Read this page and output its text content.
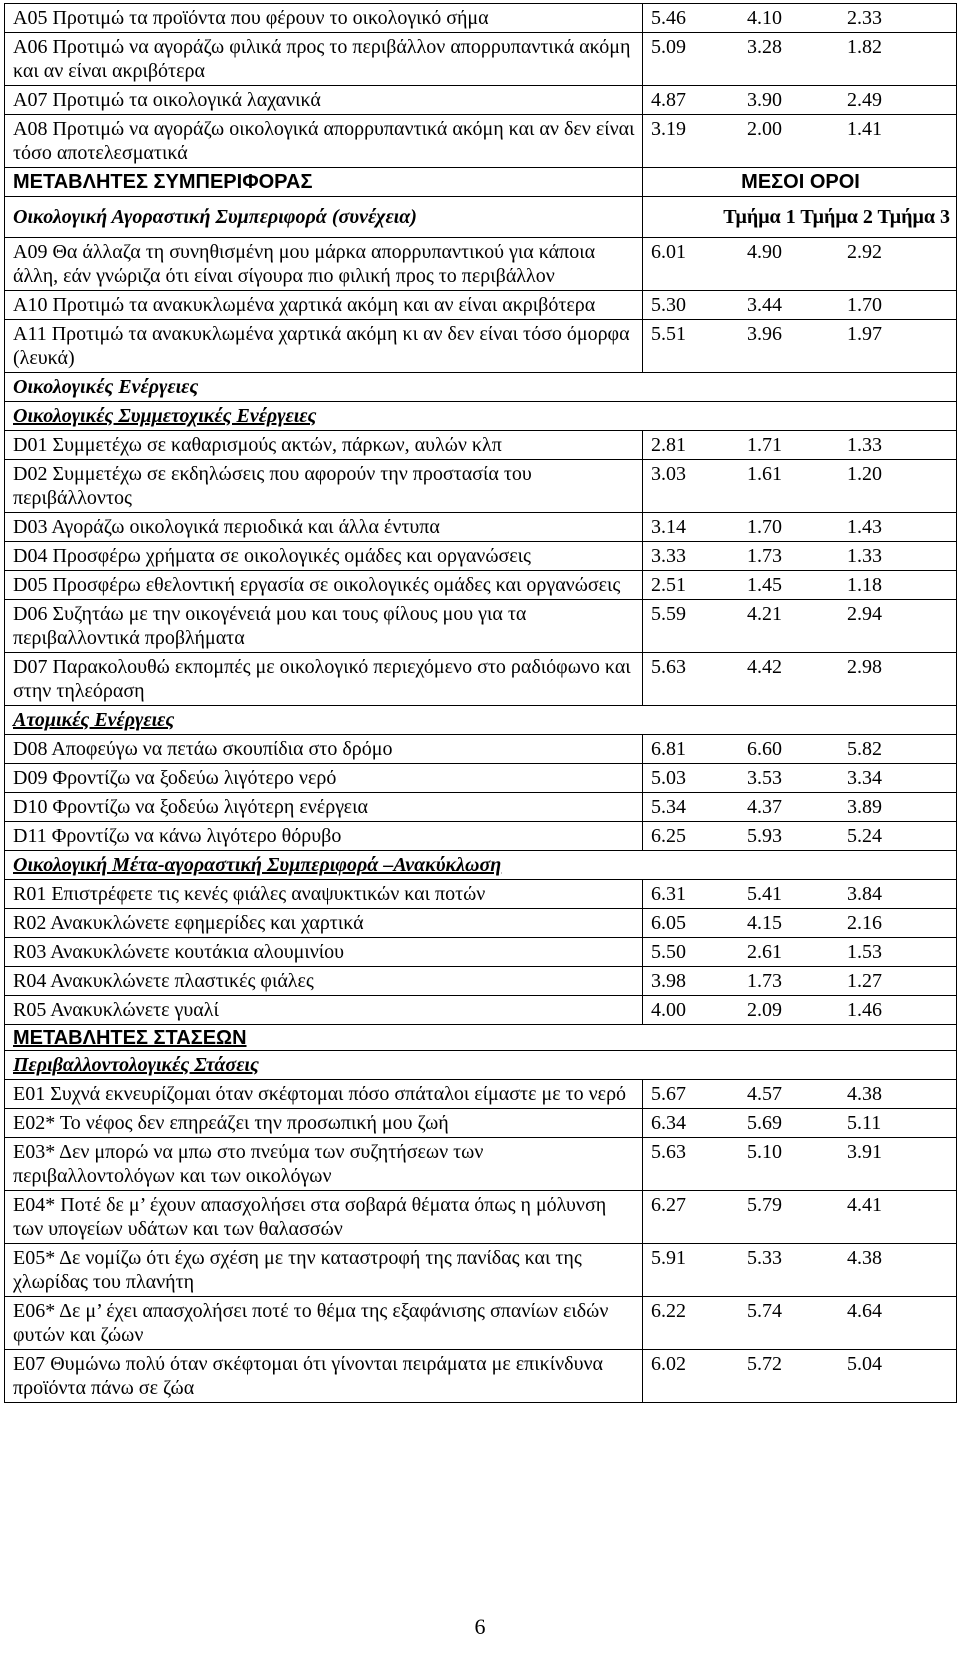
A05 Προτιμώ τα προϊόντα που φέρουν το οικολογικό σήμα	5.46 4.10 2.33
A06 Προτιμώ να αγοράζω φιλικά προς το περιβάλλον απορρυπαντικά ακόμη και αν είναι ακριβότερα	5.09 3.28 1.82
A07 Προτιμώ τα οικολογικά λαχανικά	4.87 3.90 2.49
A08 Προτιμώ να αγοράζω οικολογικά απορρυπαντικά ακόμη και αν δεν είναι τόσο αποτελεσματικά	3.19 2.00 1.41
ΜΕΤΑΒΛΗΤΕΣ ΣΥΜΠΕΡΙΦΟΡΑΣ	ΜΕΣΟΙ ΟΡΟΙ
Οικολογική Αγοραστική Συμπεριφορά (συνέχεια)	Τμήμα 1 Τμήμα 2 Τμήμα 3
A09 Θα άλλαζα τη συνηθισμένη μου μάρκα απορρυπαντικού για κάποια άλλη, εάν γνώριζα ότι είναι σίγουρα πιο φιλική προς το περιβάλλον	6.01 4.90 2.92
A10 Προτιμώ τα ανακυκλωμένα χαρτικά ακόμη και αν είναι ακριβότερα	5.30 3.44 1.70
A11 Προτιμώ τα ανακυκλωμένα χαρτικά ακόμη κι αν δεν είναι τόσο όμορφα (λευκά)	5.51 3.96 1.97
Οικολογικές Ενέργειες	
Οικολογικές Συμμετοχικές Ενέργειες	
D01 Συμμετέχω σε καθαρισμούς ακτών, πάρκων, αυλών κλπ	2.81 1.71 1.33
D02 Συμμετέχω σε εκδηλώσεις που αφορούν την προστασία του περιβάλλοντος	3.03 1.61 1.20
D03 Αγοράζω οικολογικά περιοδικά και άλλα έντυπα	3.14 1.70 1.43
D04 Προσφέρω χρήματα σε οικολογικές ομάδες και οργανώσεις	3.33 1.73 1.33
D05 Προσφέρω εθελοντική εργασία σε οικολογικές ομάδες και οργανώσεις	2.51 1.45 1.18
D06 Συζητάω με την οικογένειά μου και τους φίλους μου για τα περιβαλλοντικά προβλήματα	5.59 4.21 2.94
D07 Παρακολουθώ εκπομπές με οικολογικό περιεχόμενο στο ραδιόφωνο και στην τηλεόραση	5.63 4.42 2.98
Ατομικές Ενέργειες	
D08 Αποφεύγω να πετάω σκουπίδια στο δρόμο	6.81 6.60 5.82
D09 Φροντίζω να ξοδεύω λιγότερο νερό	5.03 3.53 3.34
D10 Φροντίζω να ξοδεύω λιγότερη ενέργεια	5.34 4.37 3.89
D11 Φροντίζω να κάνω λιγότερο θόρυβο	6.25 5.93 5.24
Οικολογική Μέτα-αγοραστική Συμπεριφορά –Ανακύκλωση	
R01 Επιστρέφετε τις κενές φιάλες αναψυκτικών και ποτών	6.31 5.41 3.84
R02 Ανακυκλώνετε εφημερίδες και χαρτικά	6.05 4.15 2.16
R03 Ανακυκλώνετε κουτάκια αλουμινίου	5.50 2.61 1.53
R04 Ανακυκλώνετε πλαστικές φιάλες	3.98 1.73 1.27
R05 Ανακυκλώνετε γυαλί	4.00 2.09 1.46
ΜΕΤΑΒΛΗΤΕΣ ΣΤΑΣΕΩΝ	
Περιβαλλοντολογικές Στάσεις	
E01 Συχνά εκνευρίζομαι όταν σκέφτομαι πόσο σπάταλοι είμαστε με το νερό	5.67 4.57 4.38
E02* Το νέφος δεν επηρεάζει την προσωπική μου ζωή	6.34 5.69 5.11
E03* Δεν μπορώ να μπω στο πνεύμα των συζητήσεων των περιβαλλοντολόγων και των οικολόγων	5.63 5.10 3.91
E04* Ποτέ δε μ’ έχουν απασχολήσει στα σοβαρά θέματα όπως η μόλυνση των υπογείων υδάτων και των θαλασσών	6.27 5.79 4.41
E05* Δε νομίζω ότι έχω σχέση με την καταστροφή της πανίδας και της χλωρίδας του πλανήτη	5.91 5.33 4.38
E06* Δε μ’ έχει απασχολήσει ποτέ το θέμα της εξαφάνισης σπανίων ειδών φυτών και ζώων	6.22 5.74 4.64
E07 Θυμώνω πολύ όταν σκέφτομαι ότι γίνονται πειράματα με επικίνδυνα προϊόντα πάνω σε ζώα	6.02 5.72 5.04
6
